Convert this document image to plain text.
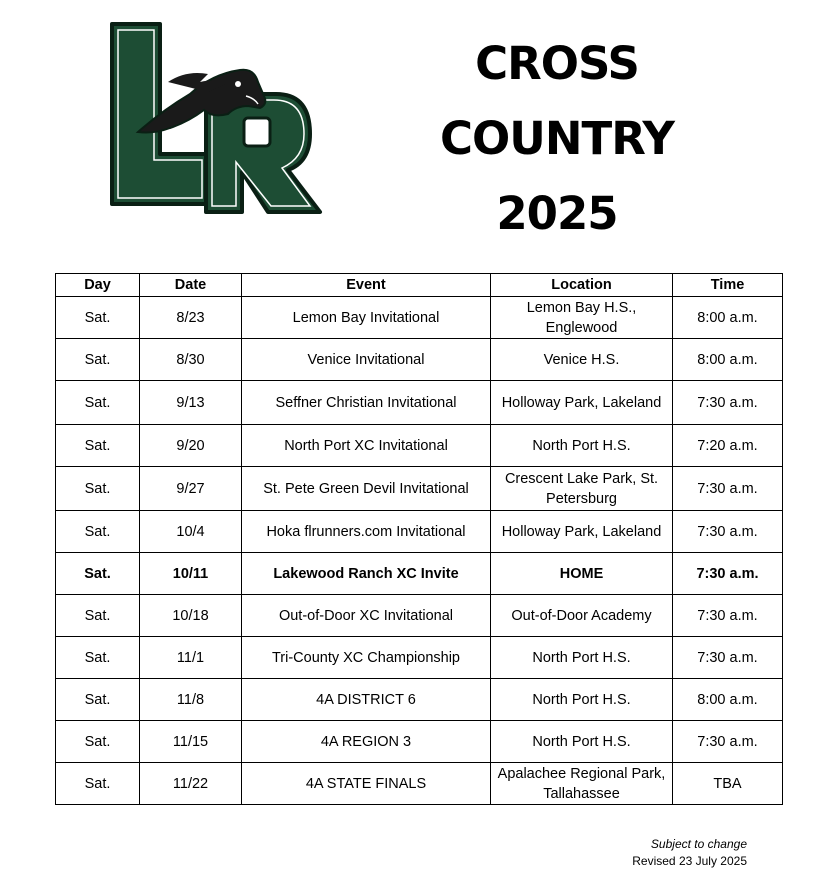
CROSS
COUNTRY
2025
Day	Date	Event	Location	Time
Sat.	8/23	Lemon Bay Invitational	Lemon Bay H.S., Englewood	8:00 a.m.
Sat.	8/30	Venice Invitational	Venice H.S.	8:00 a.m.
Sat.	9/13	Seffner Christian Invitational	Holloway Park, Lakeland	7:30 a.m.
Sat.	9/20	North Port XC Invitational	North Port H.S.	7:20 a.m.
Sat.	9/27	St. Pete Green Devil Invitational	Crescent Lake Park, St. Petersburg	7:30 a.m.
Sat.	10/4	Hoka flrunners.com Invitational	Holloway Park, Lakeland	7:30 a.m.
Sat.	10/11	Lakewood Ranch XC Invite	HOME	7:30 a.m.
Sat.	10/18	Out-of-Door XC Invitational	Out-of-Door Academy	7:30 a.m.
Sat.	11/1	Tri-County XC Championship	North Port H.S.	7:30 a.m.
Sat.	11/8	4A DISTRICT 6	North Port H.S.	8:00 a.m.
Sat.	11/15	4A REGION 3	North Port H.S.	7:30 a.m.
Sat.	11/22	4A STATE FINALS	Apalachee Regional Park, Tallahassee	TBA
Subject to change
Revised 23 July 2025
